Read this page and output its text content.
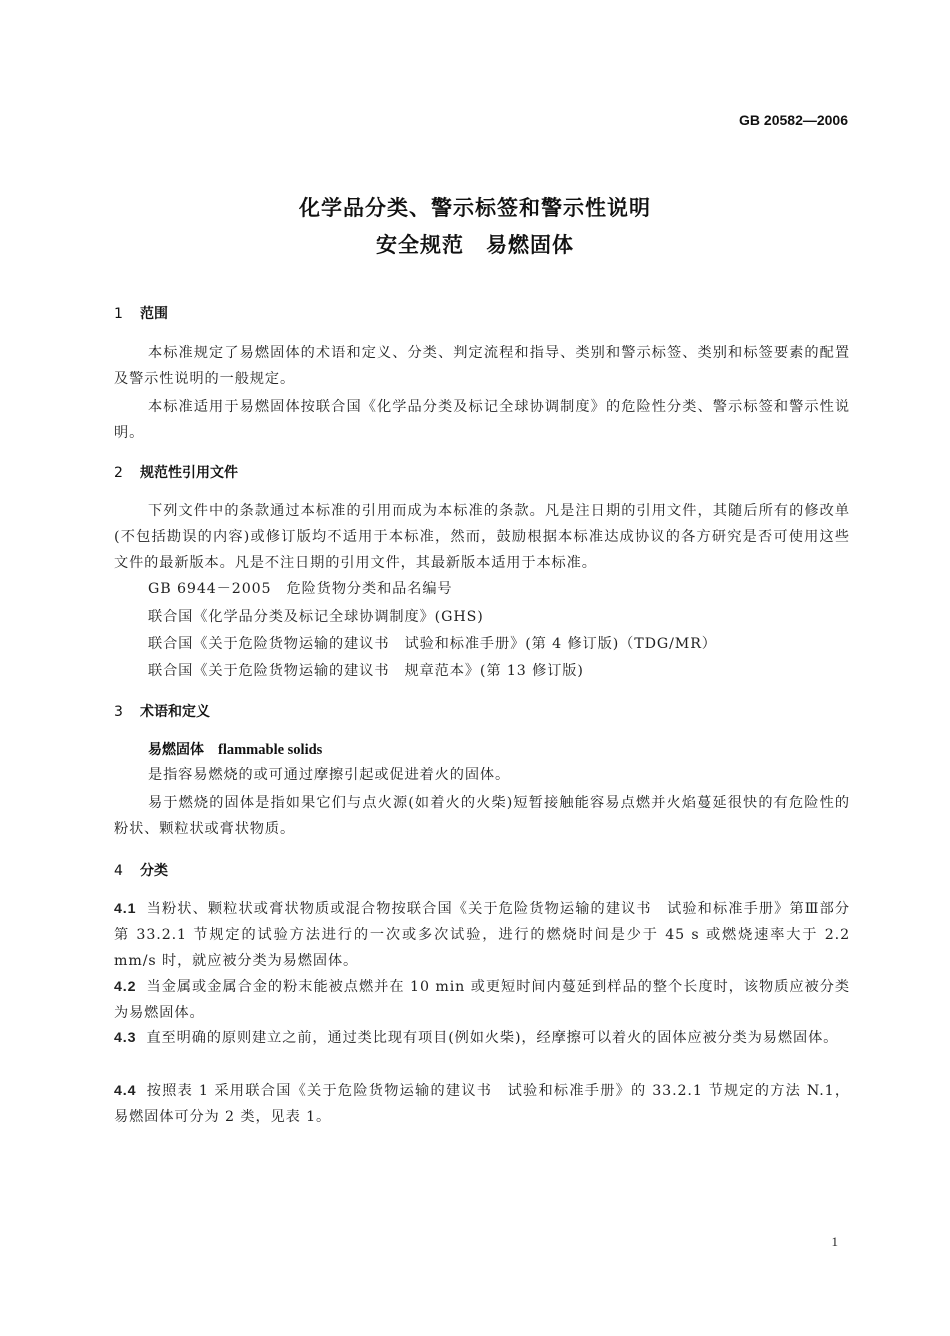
GB 20582—2006
化学品分类、警示标签和警示性说明
安全规范　易燃固体
1 范围
本标准规定了易燃固体的术语和定义、分类、判定流程和指导、类别和警示标签、类别和标签要素的配置及警示性说明的一般规定。
本标准适用于易燃固体按联合国《化学品分类及标记全球协调制度》的危险性分类、警示标签和警示性说明。
2 规范性引用文件
下列文件中的条款通过本标准的引用而成为本标准的条款。凡是注日期的引用文件，其随后所有的修改单(不包括勘误的内容)或修订版均不适用于本标准，然而，鼓励根据本标准达成协议的各方研究是否可使用这些文件的最新版本。凡是不注日期的引用文件，其最新版本适用于本标准。
GB 6944－2005　危险货物分类和品名编号
联合国《化学品分类及标记全球协调制度》(GHS)
联合国《关于危险货物运输的建议书　试验和标准手册》(第 4 修订版)（TDG/MR）
联合国《关于危险货物运输的建议书　规章范本》(第 13 修订版)
3 术语和定义
易燃固体 flammable solids
是指容易燃烧的或可通过摩擦引起或促进着火的固体。
易于燃烧的固体是指如果它们与点火源(如着火的火柴)短暂接触能容易点燃并火焰蔓延很快的有危险性的粉状、颗粒状或膏状物质。
4 分类
4.1 当粉状、颗粒状或膏状物质或混合物按联合国《关于危险货物运输的建议书　试验和标准手册》第Ⅲ部分第 33.2.1 节规定的试验方法进行的一次或多次试验，进行的燃烧时间是少于 45 s 或燃烧速率大于 2.2 mm/s 时，就应被分类为易燃固体。
4.2 当金属或金属合金的粉末能被点燃并在 10 min 或更短时间内蔓延到样品的整个长度时，该物质应被分类为易燃固体。
4.3 直至明确的原则建立之前，通过类比现有项目(例如火柴)，经摩擦可以着火的固体应被分类为易燃固体。
4.4 按照表 1 采用联合国《关于危险货物运输的建议书　试验和标准手册》的 33.2.1 节规定的方法 N.1，易燃固体可分为 2 类，见表 1。
1
